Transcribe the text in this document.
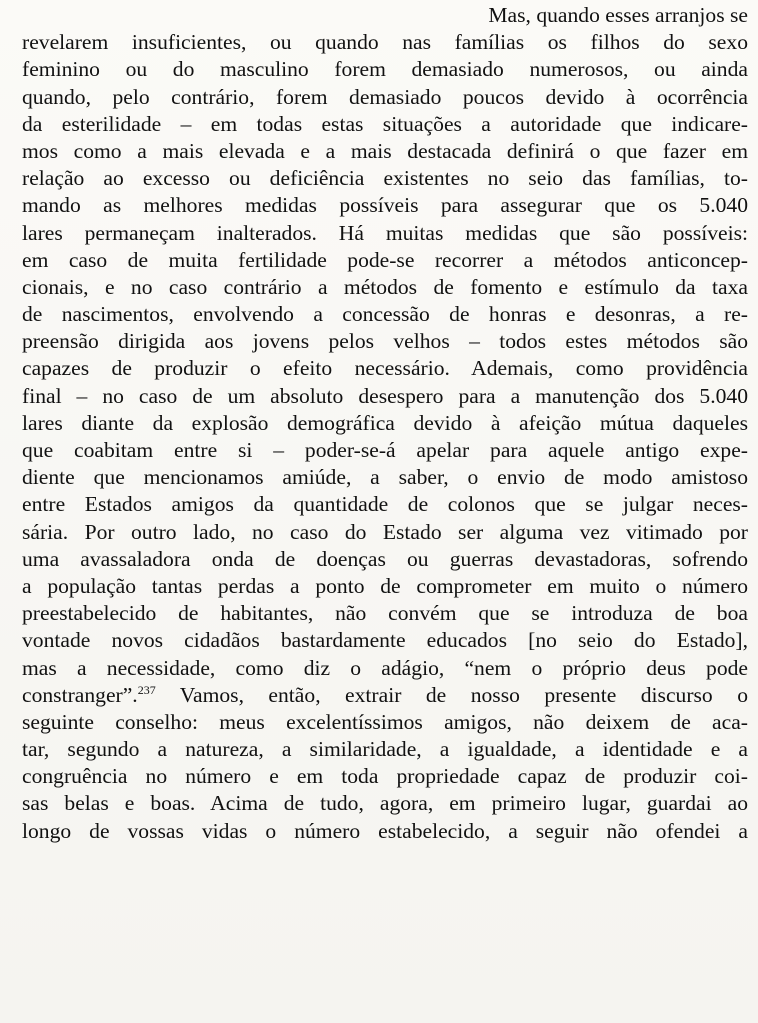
Mas, quando esses arranjos se
revelarem insuficientes, ou quando nas famílias os filhos do sexo
feminino ou do masculino forem demasiado numerosos, ou ainda
quando, pelo contrário, forem demasiado poucos devido à ocorrência
da esterilidade – em todas estas situações a autoridade que indicare-
mos como a mais elevada e a mais destacada definirá o que fazer em
relação ao excesso ou deficiência existentes no seio das famílias, to-
mando as melhores medidas possíveis para assegurar que os 5.040
lares permaneçam inalterados. Há muitas medidas que são possíveis:
em caso de muita fertilidade pode-se recorrer a métodos anticoncep-
cionais, e no caso contrário a métodos de fomento e estímulo da taxa
de nascimentos, envolvendo a concessão de honras e desonras, a re-
preensão dirigida aos jovens pelos velhos – todos estes métodos são
capazes de produzir o efeito necessário. Ademais, como providência
final – no caso de um absoluto desespero para a manutenção dos 5.040
lares diante da explosão demográfica devido à afeição mútua daqueles
que coabitam entre si – poder-se-á apelar para aquele antigo expe-
diente que mencionamos amiúde, a saber, o envio de modo amistoso
entre Estados amigos da quantidade de colonos que se julgar neces-
sária. Por outro lado, no caso do Estado ser alguma vez vitimado por
uma avassaladora onda de doenças ou guerras devastadoras, sofrendo
a população tantas perdas a ponto de comprometer em muito o número
preestabelecido de habitantes, não convém que se introduza de boa
vontade novos cidadãos bastardamente educados [no seio do Estado],
mas a necessidade, como diz o adágio, “nem o próprio deus pode
constranger”.$^{237}$ Vamos, então, extrair de nosso presente discurso o
seguinte conselho: meus excelentíssimos amigos, não deixem de aca-
tar, segundo a natureza, a similaridade, a igualdade, a identidade e a
congruência no número e em toda propriedade capaz de produzir coi-
sas belas e boas. Acima de tudo, agora, em primeiro lugar, guardai ao
longo de vossas vidas o número estabelecido, a seguir não ofendei a
